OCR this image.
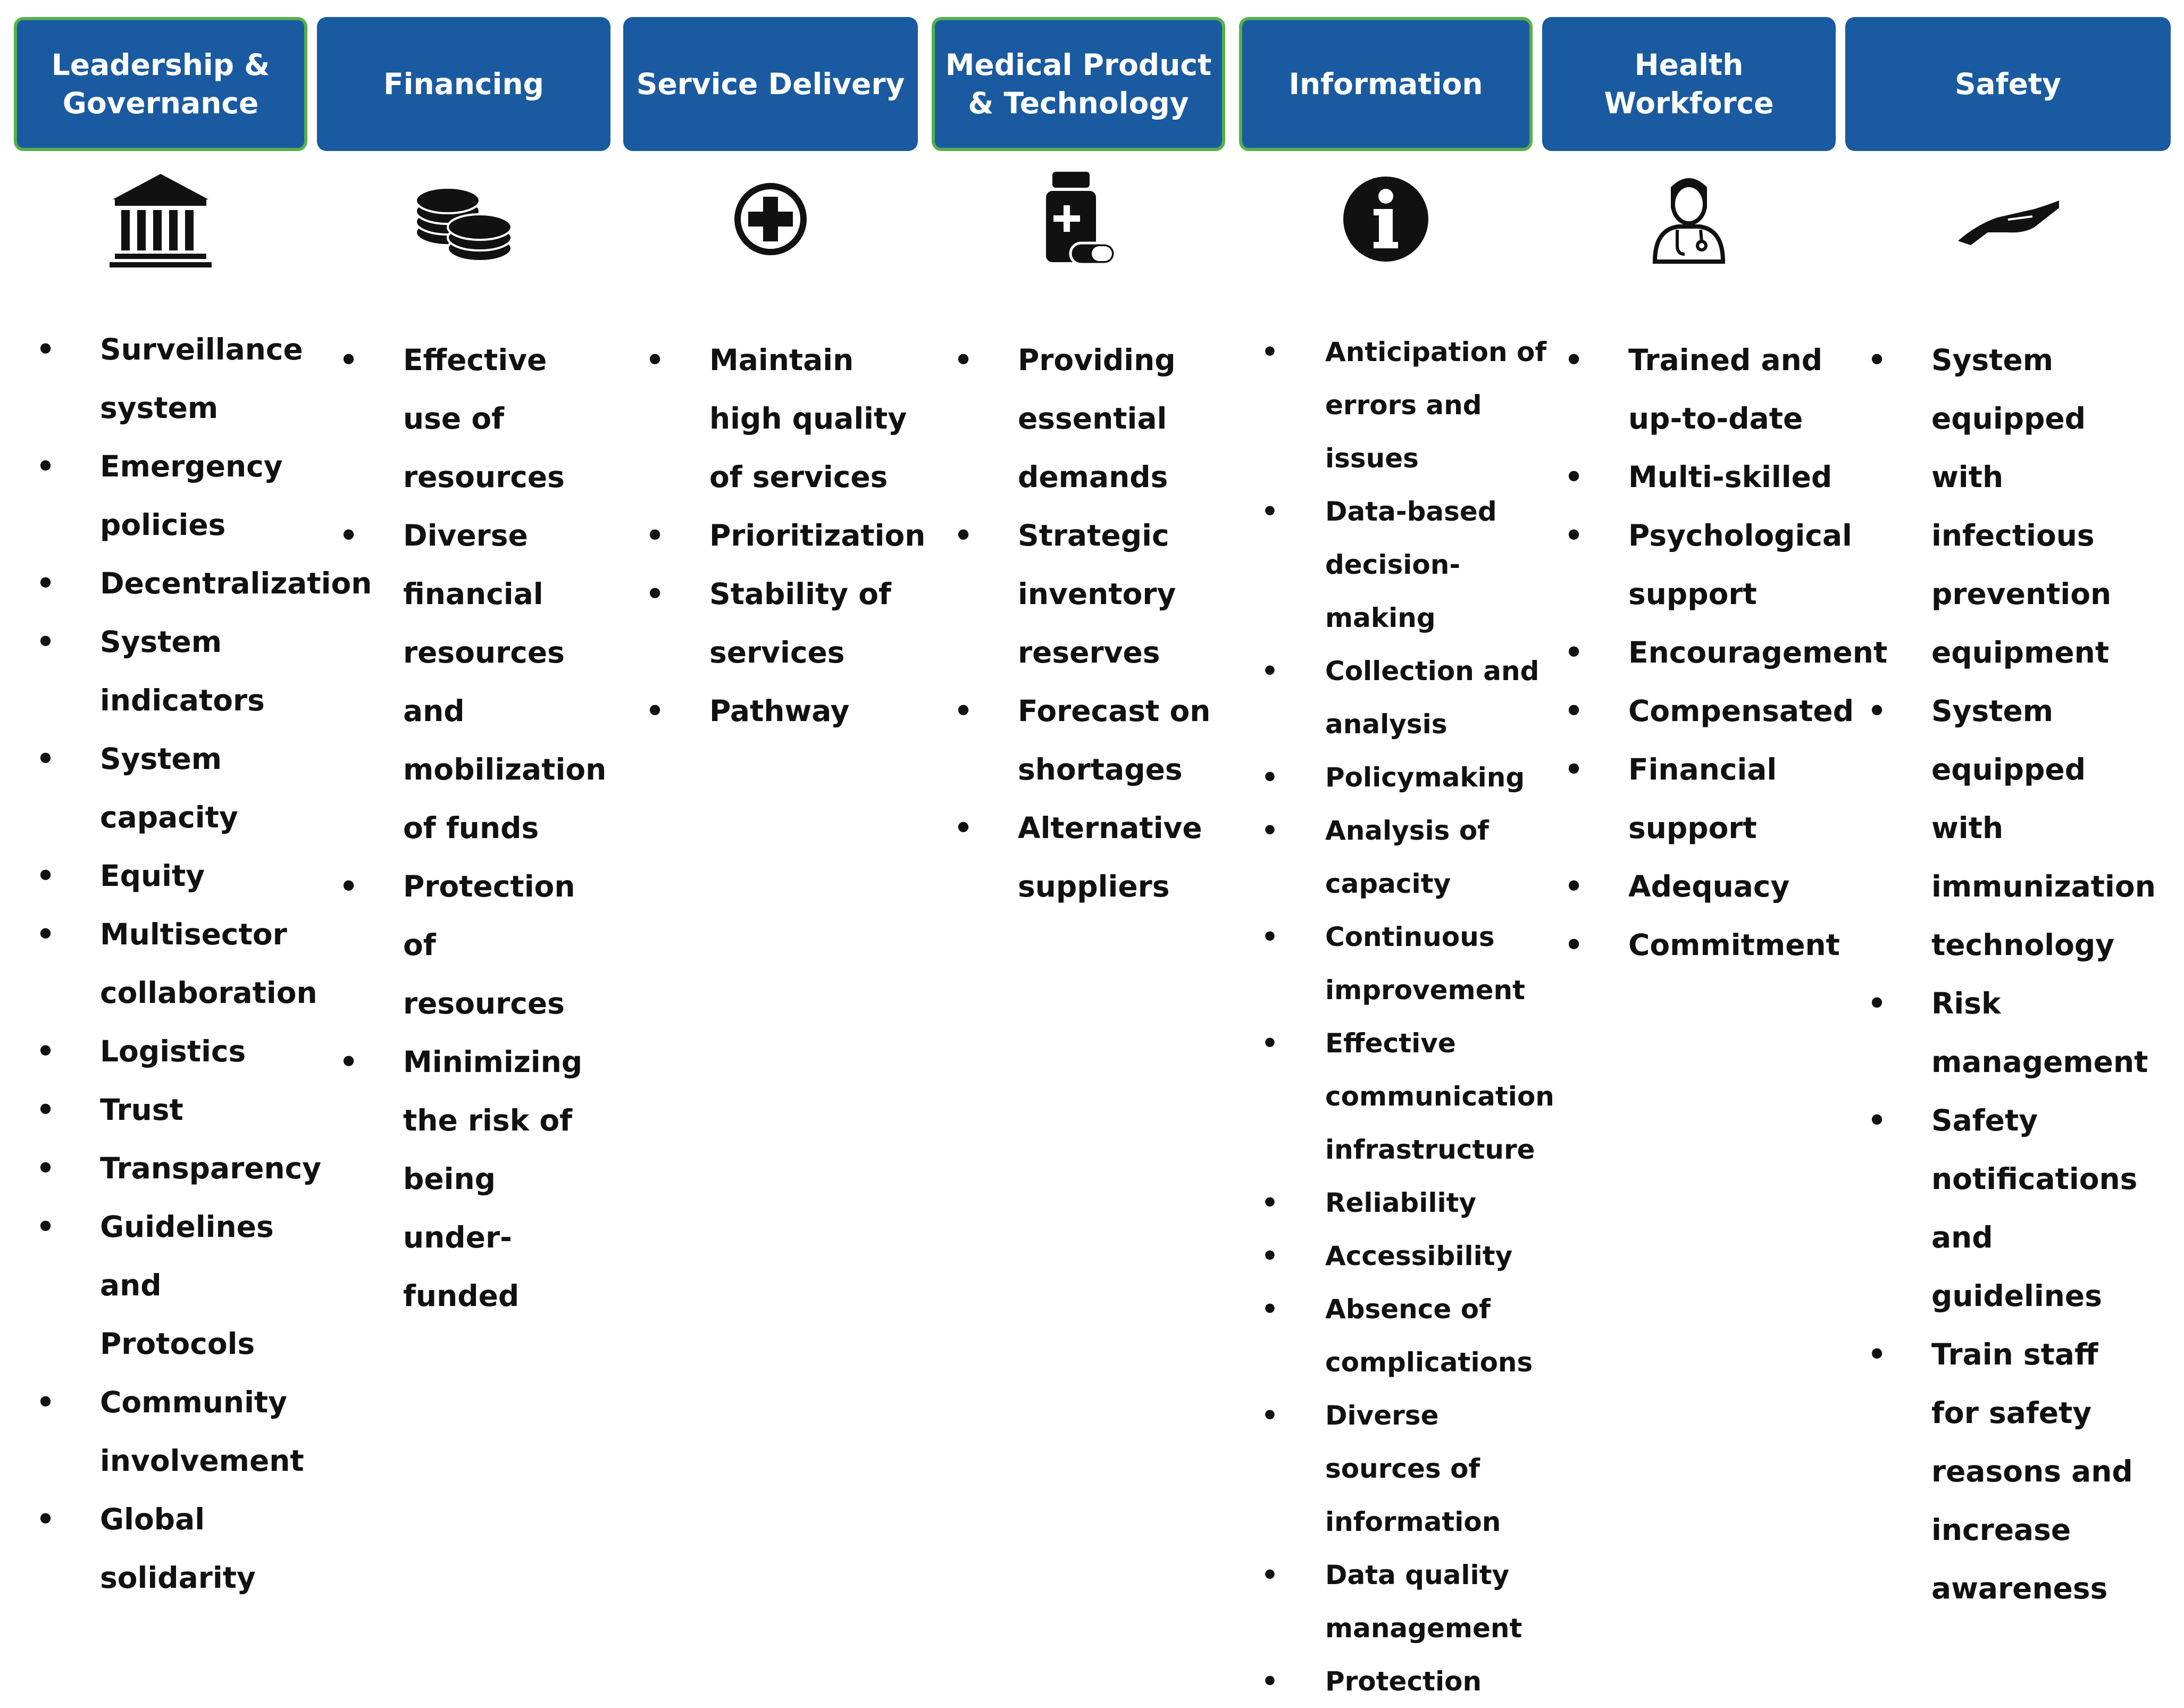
Leadership &
Governance
• Surveillance system
• Emergency policies
• Decentralization
• System indicators
• System capacity
• Equity
• Multisector collaboration
• Logistics
• Trust
• Transparency
• Guidelines and Protocols
• Community involvement
• Global solidarity
Financing
• Effective use of resources
• Diverse financial resources and mobilization of funds
• Protection of resources
• Minimizing the risk of being under-funded
Service Delivery
• Maintain high quality of services
• Prioritization
• Stability of services
• Pathway
Medical Product
& Technology
• Providing essential demands
• Strategic inventory reserves
• Forecast on shortages
• Alternative suppliers
Information
• Anticipation of errors and issues
• Data-based decision-making
• Collection and analysis
• Policymaking
• Analysis of capacity
• Continuous improvement
• Effective communication infrastructure
• Reliability
• Accessibility
• Absence of complications
• Diverse sources of information
• Data quality management
• Protection
Health Workforce
• Trained and up-to-date
• Multi-skilled
• Psychological support
• Encouragement
• Compensated
• Financial support
• Adequacy
• Commitment
Safety
• System equipped with infectious prevention equipment
• System equipped with immunization technology
• Risk management
• Safety notifications and guidelines
• Train staff for safety reasons and increase awareness
